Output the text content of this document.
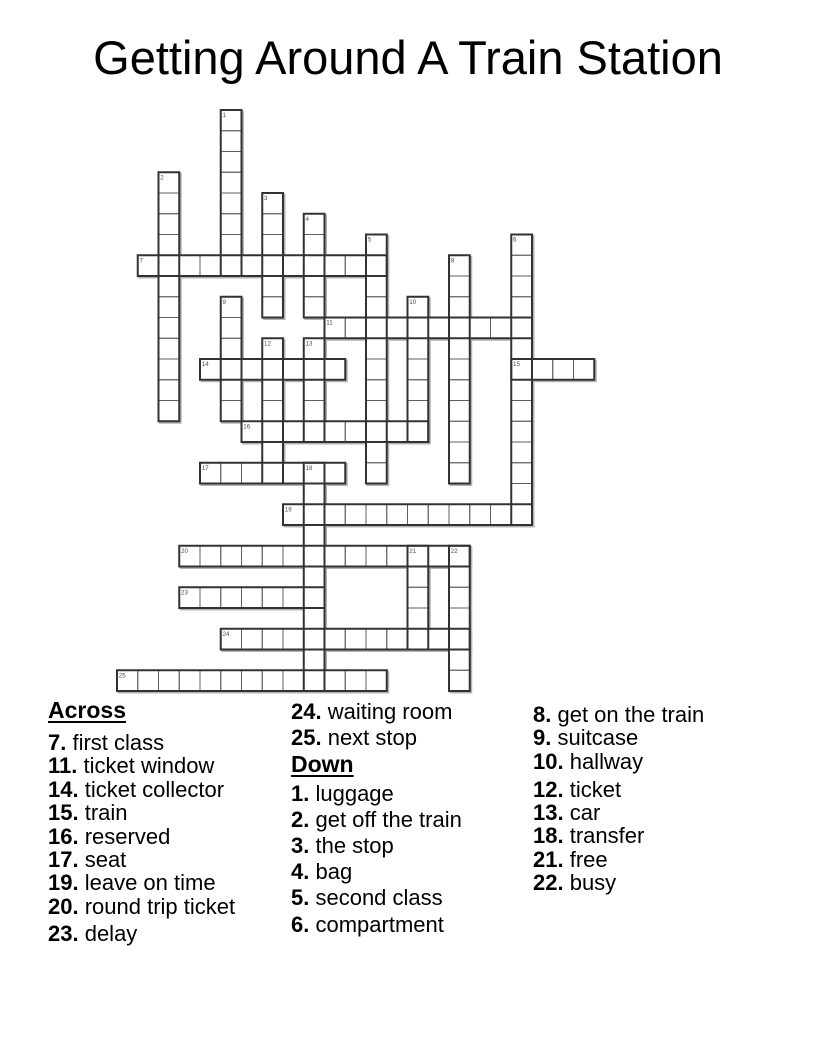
Getting Around A Train Station
7
11
14	15
16
17
19
20
23
24
25
1
2
3
4
5	6
8
9	10
12	13
18
21	22
Across
7. first class
11. ticket window
14. ticket collector
15. train
16. reserved
17. seat
19. leave on time
20. round trip ticket
23. delay
24. waiting room
25. next stop
Down
1. luggage
2. get off the train
3. the stop
4. bag
5. second class
6. compartment
8. get on the train
9. suitcase
10. hallway
12. ticket
13. car
18. transfer
21. free
22. busy
